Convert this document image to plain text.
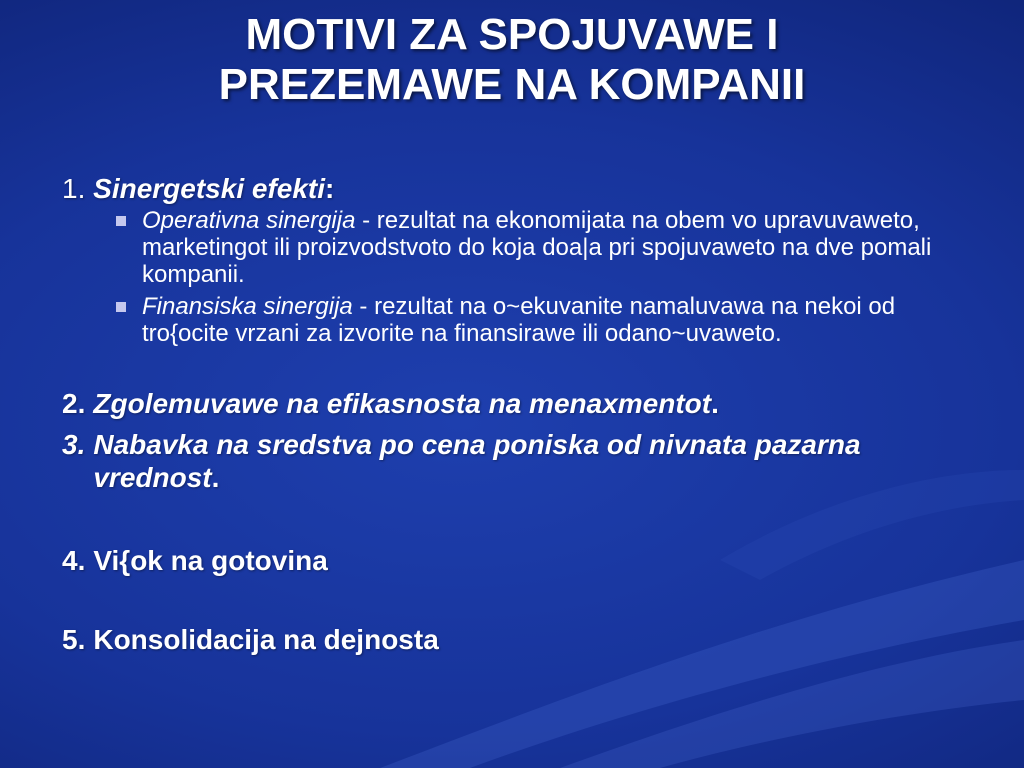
MOTIVI ZA SPOJUVAWE I
PREZEMAWE NA KOMPANII
1. Sinergetski efekti:
Operativna sinergija - rezultat na ekonomijata na obem vo upravuvaweto, marketingot ili proizvodstvoto do koja doa|a pri spojuvaweto na dve pomali kompanii.
Finansiska sinergija - rezultat na o~ekuvanite namaluvawa na nekoi od tro{ocite vrzani za izvorite na finansirawe ili odano~uvaweto.
2. Zgolemuvawe na efikasnosta na menaxmentot.
3. Nabavka na sredstva po cena poniska od nivnata pazarna vrednost.
4. Vi{ok na gotovina
5. Konsolidacija na dejnosta
